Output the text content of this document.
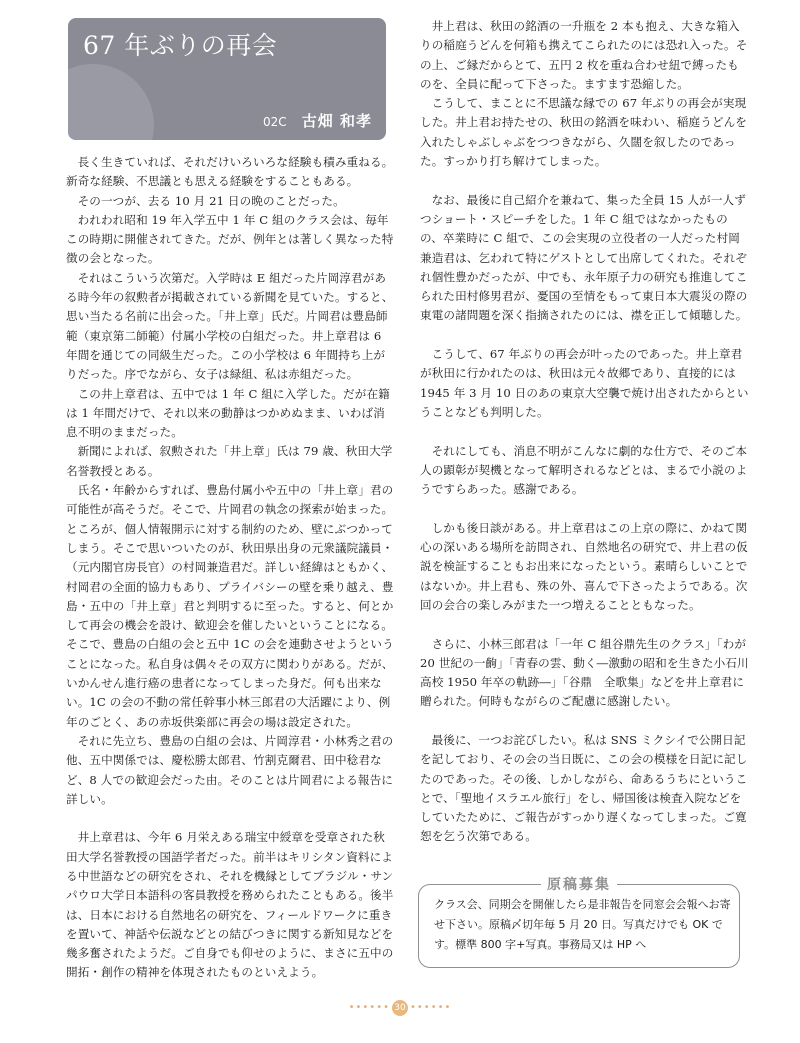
67 年ぶりの再会
02C 古畑 和孝

長く生きていれば、それだけいろいろな経験も積み重ねる。新奇な経験、不思議とも思える経験をすることもある。

その一つが、去る 10 月 21 日の晩のことだった。

われわれ昭和 19 年入学五中 1 年 C 組のクラス会は、毎年この時期に開催されてきた。だが、例年とは著しく異なった特徴の会となった。

それはこういう次第だ。入学時は E 組だった片岡淳君がある時今年の叙勲者が掲載されている新聞を見ていた。すると、思い当たる名前に出会った。「井上章」氏だ。片岡君は豊島師範（東京第二師範）付属小学校の白組だった。井上章君は 6 年間を通じての同級生だった。この小学校は 6 年間持ち上がりだった。序でながら、女子は緑組、私は赤組だった。

この井上章君は、五中では 1 年 C 組に入学した。だが在籍は 1 年間だけで、それ以来の動静はつかめぬまま、いわば消息不明のままだった。

新聞によれば、叙勲された「井上章」氏は 79 歳、秋田大学名誉教授とある。

氏名・年齢からすれば、豊島付属小や五中の「井上章」君の可能性が高そうだ。そこで、片岡君の執念の探索が始まった。ところが、個人情報開示に対する制約のため、壁にぶつかってしまう。そこで思いついたのが、秋田県出身の元衆議院議員・（元内閣官房長官）の村岡兼造君だ。詳しい経緯はともかく、村岡君の全面的協力もあり、プライバシーの壁を乗り越え、豊島・五中の「井上章」君と判明するに至った。すると、何とかして再会の機会を設け、歓迎会を催したいということになる。そこで、豊島の白組の会と五中 1C の会を連動させようということになった。私自身は偶々その双方に関わりがある。だが、いかんせん進行癌の患者になってしまった身だ。何も出来ない。1C の会の不動の常任幹事小林三郎君の大活躍により、例年のごとく、あの赤坂供楽部に再会の場は設定された。

それに先立ち、豊島の白組の会は、片岡淳君・小林秀之君の他、五中関係では、慶松勝太郎君、竹割克爾君、田中稔君など、8 人での歓迎会だった由。そのことは片岡君による報告に詳しい。

井上章君は、今年 6 月栄えある瑞宝中綬章を受章された秋田大学名誉教授の国語学者だった。前半はキリシタン資料による中世語などの研究をされ、それを機縁としてブラジル・サンパウロ大学日本語科の客員教授を務められたこともある。後半は、日本における自然地名の研究を、フィールドワークに重きを置いて、神話や伝説などとの結びつきに関する新知見などを幾多奮されたようだ。ご自身でも仰せのように、まさに五中の開拓・創作の精神を体現されたものといえよう。

井上君は、秋田の銘酒の一升瓶を 2 本も抱え、大きな箱入りの稲庭うどんを何箱も携えてこられたのには恐れ入った。その上、ご縁だからとて、五円 2 枚を重ね合わせ紐で縛ったものを、全員に配って下さった。ますます恐縮した。

こうして、まことに不思議な縁での 67 年ぶりの再会が実現した。井上君お持たせの、秋田の銘酒を味わい、稲庭うどんを入れたしゃぶしゃぶをつつきながら、久闊を叙したのであった。すっかり打ち解けてしまった。

なお、最後に自己紹介を兼ねて、集った全員 15 人が一人ずつショート・スピーチをした。1 年 C 組ではなかったものの、卒業時に C 組で、この会実現の立役者の一人だった村岡兼造君は、乞われて特にゲストとして出席してくれた。それぞれ個性豊かだったが、中でも、永年原子力の研究も推進してこられた田村修男君が、憂国の至情をもって東日本大震災の際の東電の諸問題を深く指摘されたのには、襟を正して傾聴した。

こうして、67 年ぶりの再会が叶ったのであった。井上章君が秋田に行かれたのは、秋田は元々故郷であり、直接的には 1945 年 3 月 10 日のあの東京大空襲で焼け出されたからということなども判明した。

それにしても、消息不明がこんなに劇的な仕方で、そのご本人の顕彰が契機となって解明されるなどとは、まるで小説のようですらあった。感謝である。

しかも後日談がある。井上章君はこの上京の際に、かねて関心の深いある場所を訪問され、自然地名の研究で、井上君の仮説を検証することもお出来になったという。素晴らしいことではないか。井上君も、殊の外、喜んで下さったようである。次回の会合の楽しみがまた一つ増えることともなった。

さらに、小林三郎君は「一年 C 組谷鼎先生のクラス」「わが 20 世紀の一齣」「青春の雲、動く―激動の昭和を生きた小石川高校 1950 年卒の軌跡―」「谷鼎　全歌集」などを井上章君に贈られた。何時もながらのご配慮に感謝したい。

最後に、一つお詫びしたい。私は SNS ミクシイで公開日記を記しており、その会の当日既に、この会の模様を日記に記したのであった。その後、しかしながら、命あるうちにということで、「聖地イスラエル旅行」をし、帰国後は検査入院などをしていたために、ご報告がすっかり遅くなってしまった。ご寛恕を乞う次第である。

原稿募集

クラス会、同期会を開催したら是非報告を同窓会会報へお寄せ下さい。原稿〆切年毎 5 月 20 日。写真だけでも OK です。標準 800 字+写真。事務局又は HP へ

•••••• 30 ••••••
